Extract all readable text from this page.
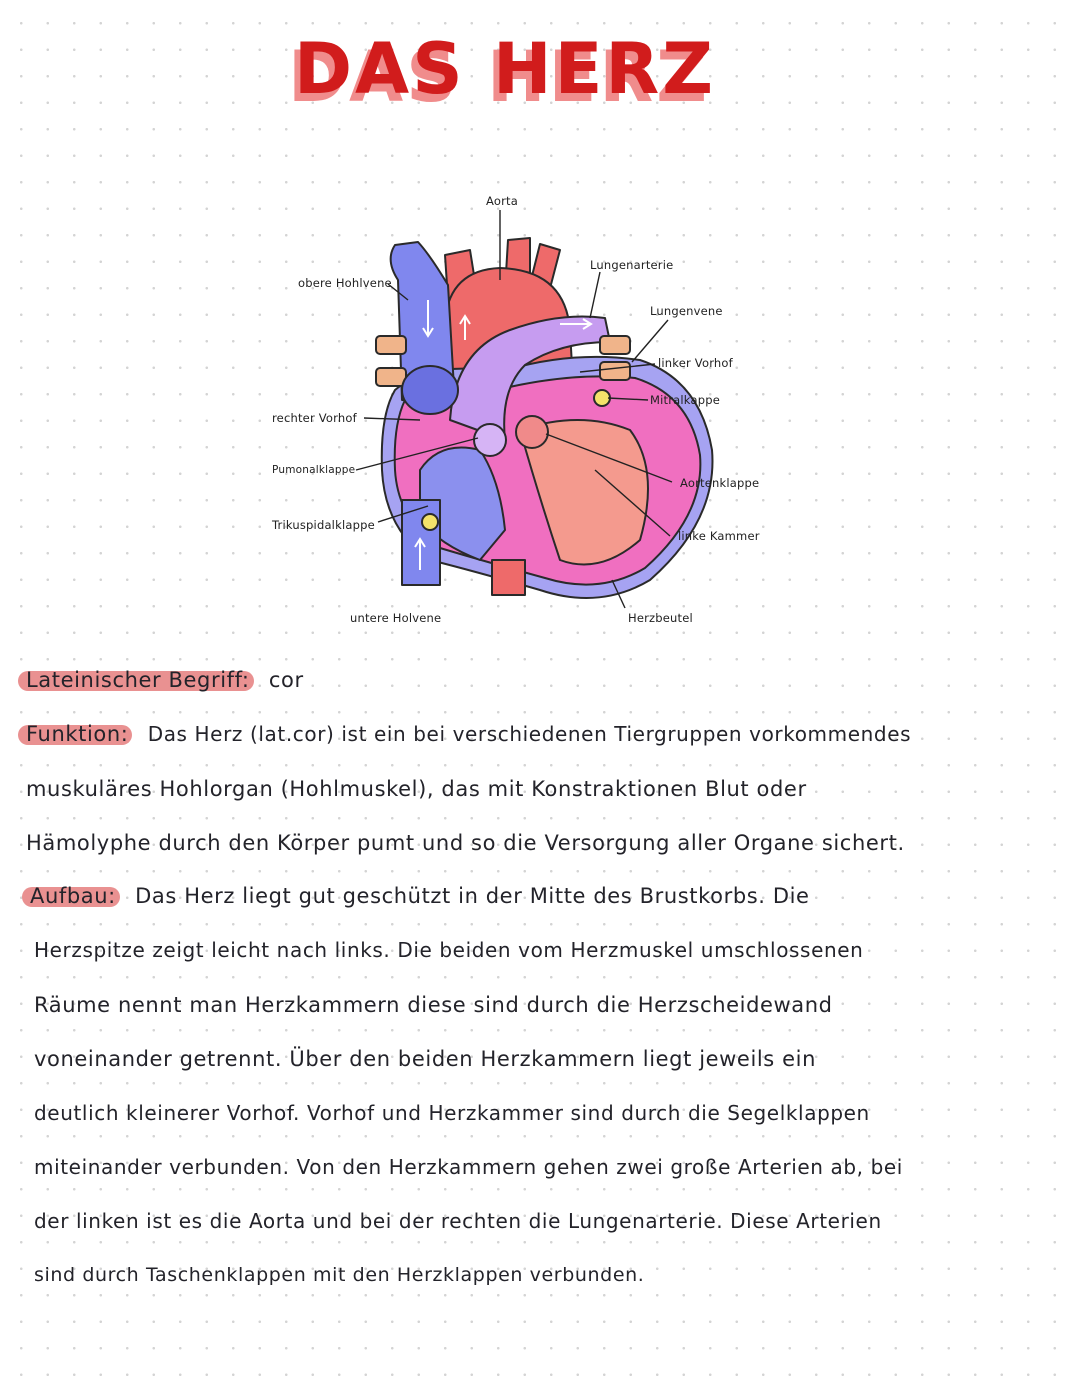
DAS HERZ
Aorta
Lungenarterie
obere Hohlvene
Lungenvene
linker Vorhof
Mitralkappe
rechter Vorhof
Pumonalklappe
Aortenklappe
Trikuspidalklappe
linke Kammer
untere Holvene	Herzbeutel
Lateinischer Begriff: cor
Funktion: Das Herz (lat.cor) ist ein bei verschiedenen Tiergruppen vorkommendes
muskuläres Hohlorgan (Hohlmuskel), das mit Konstraktionen Blut oder
Hämolyphe durch den Körper pumt und so die Versorgung aller Organe sichert.
Aufbau: Das Herz liegt gut geschützt in der Mitte des Brustkorbs. Die
Herzspitze zeigt leicht nach links. Die beiden vom Herzmuskel umschlossenen
Räume nennt man Herzkammern diese sind durch die Herzscheidewand
voneinander getrennt. Über den beiden Herzkammern liegt jeweils ein
deutlich kleinerer Vorhof. Vorhof und Herzkammer sind durch die Segelklappen
miteinander verbunden. Von den Herzkammern gehen zwei große Arterien ab, bei
der linken ist es die Aorta und bei der rechten die Lungenarterie. Diese Arterien
sind durch Taschenklappen mit den Herzklappen verbunden.
